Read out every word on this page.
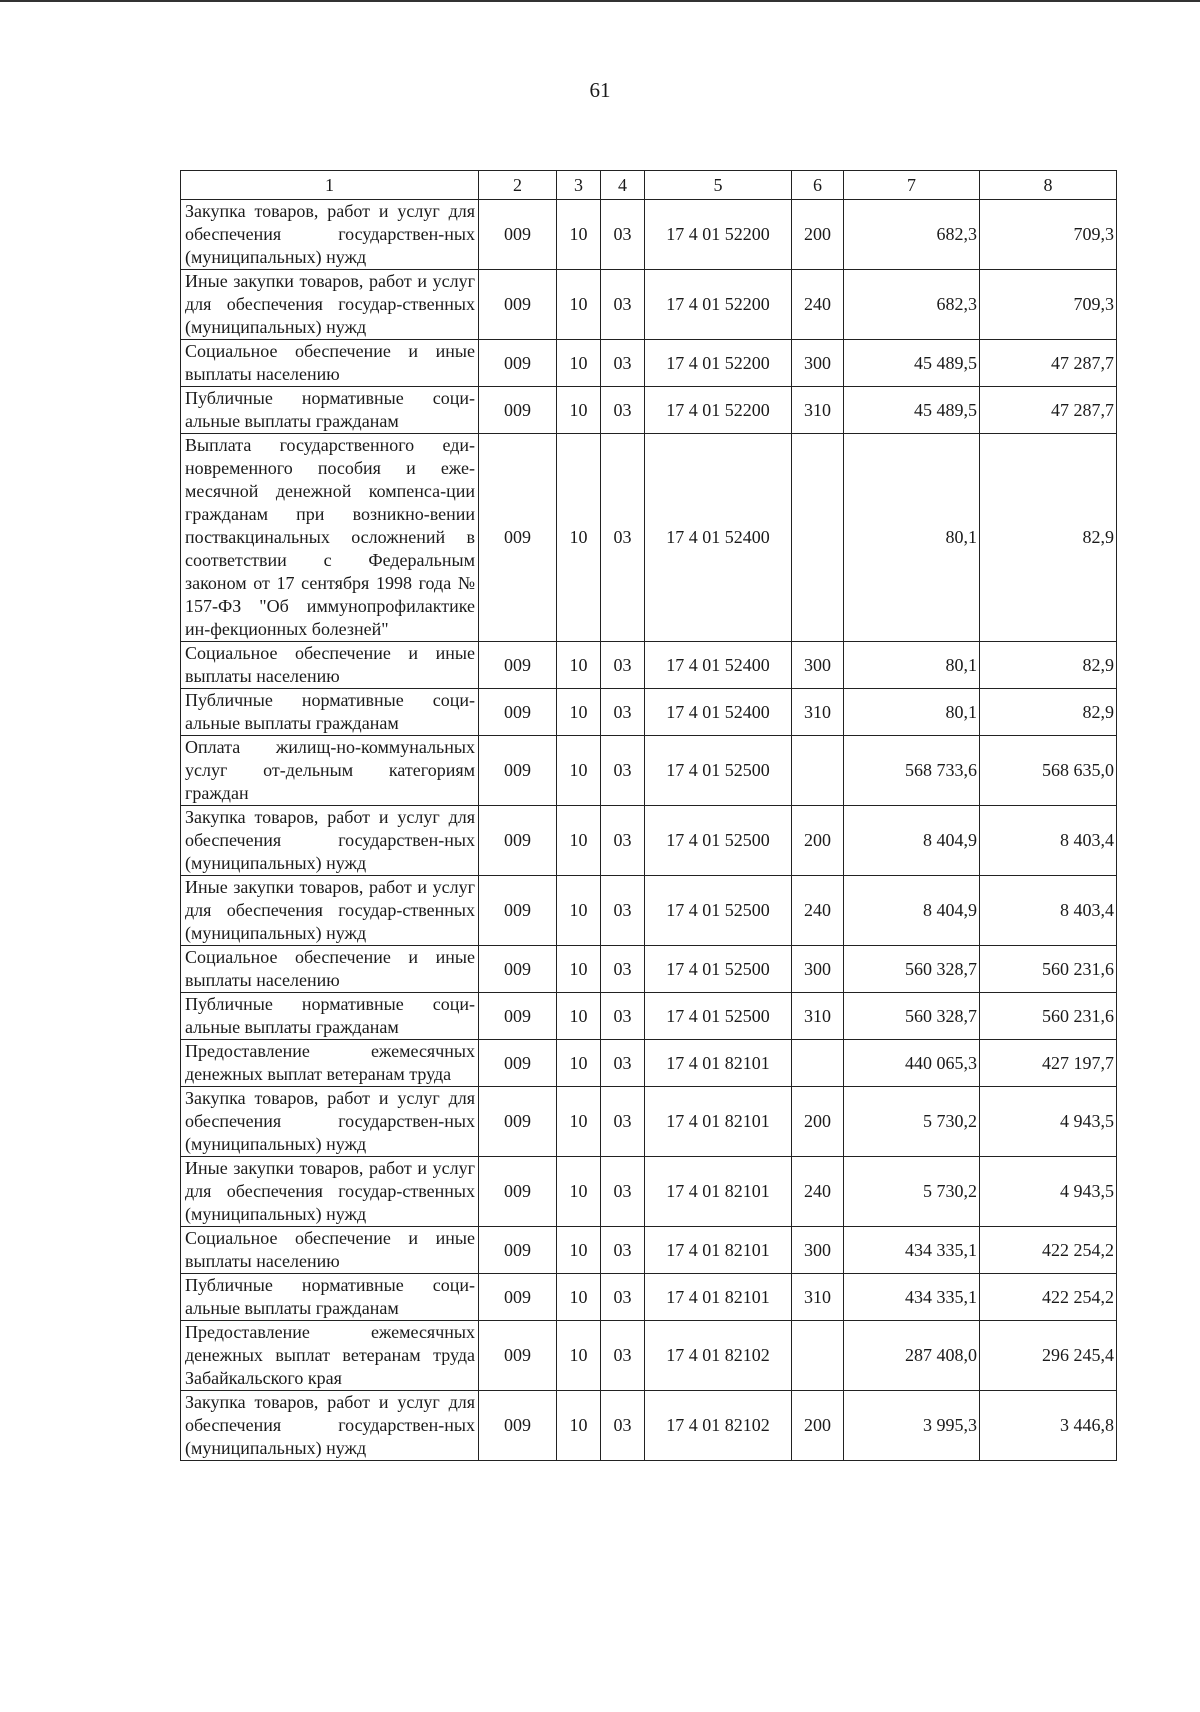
61
1	2	3	4	5	6	7	8
Закупка товаров, работ и услуг для обеспечения государствен-ных (муниципальных) нужд	009	10	03	17 4 01 52200	200	682,3	709,3
Иные закупки товаров, работ и услуг для обеспечения государ-ственных (муниципальных) нужд	009	10	03	17 4 01 52200	240	682,3	709,3
Социальное обеспечение и иные выплаты населению	009	10	03	17 4 01 52200	300	45 489,5	47 287,7
Публичные нормативные соци-альные выплаты гражданам	009	10	03	17 4 01 52200	310	45 489,5	47 287,7
Выплата государственного еди-новременного пособия и еже-месячной денежной компенса-ции гражданам при возникно-вении поствакцинальных осложнений в соответствии с Федеральным законом от 17 сентября 1998 года № 157-ФЗ "Об иммунопрофилактике ин-фекционных болезней"	009	10	03	17 4 01 52400		80,1	82,9
Социальное обеспечение и иные выплаты населению	009	10	03	17 4 01 52400	300	80,1	82,9
Публичные нормативные соци-альные выплаты гражданам	009	10	03	17 4 01 52400	310	80,1	82,9
Оплата жилищ-но-коммунальных услуг от-дельным категориям граждан	009	10	03	17 4 01 52500		568 733,6	568 635,0
Закупка товаров, работ и услуг для обеспечения государствен-ных (муниципальных) нужд	009	10	03	17 4 01 52500	200	8 404,9	8 403,4
Иные закупки товаров, работ и услуг для обеспечения государ-ственных (муниципальных) нужд	009	10	03	17 4 01 52500	240	8 404,9	8 403,4
Социальное обеспечение и иные выплаты населению	009	10	03	17 4 01 52500	300	560 328,7	560 231,6
Публичные нормативные соци-альные выплаты гражданам	009	10	03	17 4 01 52500	310	560 328,7	560 231,6
Предоставление ежемесячных денежных выплат ветеранам труда	009	10	03	17 4 01 82101		440 065,3	427 197,7
Закупка товаров, работ и услуг для обеспечения государствен-ных (муниципальных) нужд	009	10	03	17 4 01 82101	200	5 730,2	4 943,5
Иные закупки товаров, работ и услуг для обеспечения государ-ственных (муниципальных) нужд	009	10	03	17 4 01 82101	240	5 730,2	4 943,5
Социальное обеспечение и иные выплаты населению	009	10	03	17 4 01 82101	300	434 335,1	422 254,2
Публичные нормативные соци-альные выплаты гражданам	009	10	03	17 4 01 82101	310	434 335,1	422 254,2
Предоставление ежемесячных денежных выплат ветеранам труда Забайкальского края	009	10	03	17 4 01 82102		287 408,0	296 245,4
Закупка товаров, работ и услуг для обеспечения государствен-ных (муниципальных) нужд	009	10	03	17 4 01 82102	200	3 995,3	3 446,8
